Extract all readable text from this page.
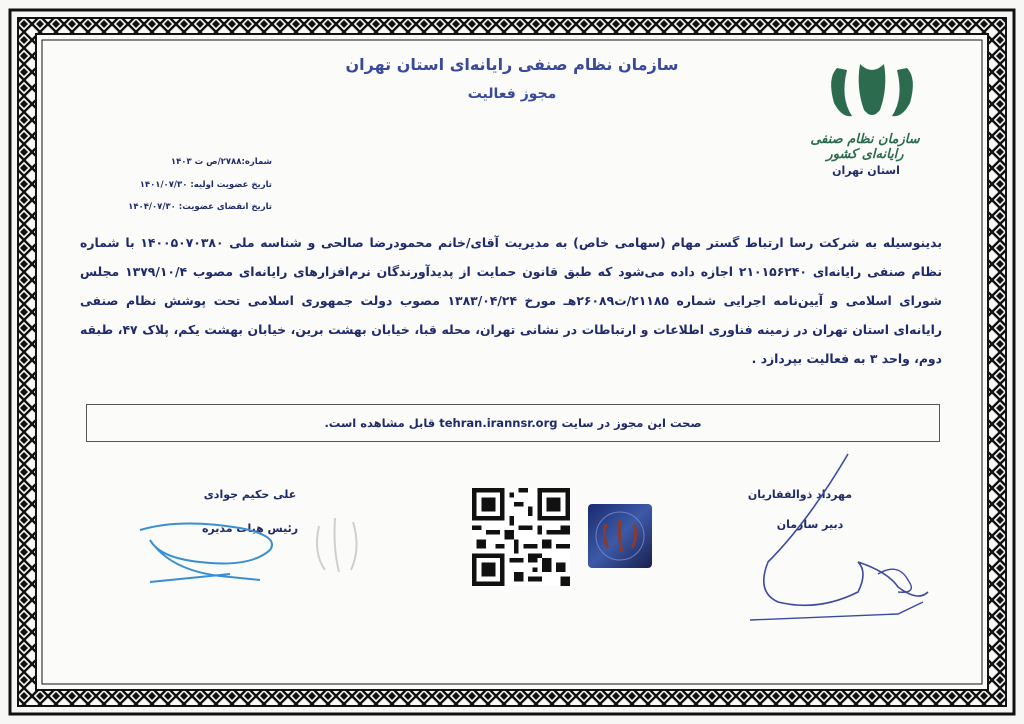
سازمان نظام صنفی رایانه‌ای استان تهران
مجوز فعالیت
سازمان نظام صنفی رایانه‌ای کشور
استان تهران
شماره:۲۷۸۸/ص ت ۱۴۰۳
تاریخ عضویت اولیه: ۱۴۰۱/۰۷/۳۰
تاریخ انقضای عضویت: ۱۴۰۴/۰۷/۳۰
بدینوسیله به شرکت رسا ارتباط گستر مهام (سهامی خاص) به مدیریت آقای/خانم محمودرضا صالحی و شناسه ملی ۱۴۰۰۵۰۷۰۳۸۰ با شماره نظام صنفی رایانه‌ای ۲۱۰۱۵۶۲۴۰ اجازه داده می‌شود که طبق قانون حمایت از پدیدآورندگان نرم‌افزارهای رایانه‌ای مصوب ۱۳۷۹/۱۰/۴ مجلس شورای اسلامی و آیین‌نامه اجرایی شماره ۲۱۱۸۵/ت۲۶۰۸۹هـ مورخ ۱۳۸۳/۰۴/۲۴ مصوب دولت جمهوری اسلامی تحت پوشش نظام صنفی رایانه‌ای استان تهران در زمینه فناوری اطلاعات و ارتباطات در نشانی تهران، محله قبا، خیابان بهشت برین، خیابان بهشت یکم، پلاک ۴۷، طبقه دوم، واحد ۳ به فعالیت بپردازد .
صحت این مجوز در سایت
tehran.irannsr.org
قابل مشاهده است.
علی حکیم جوادی
رئیس هیات مدیره
مهرداد ذوالفقاریان
دبیر سازمان
